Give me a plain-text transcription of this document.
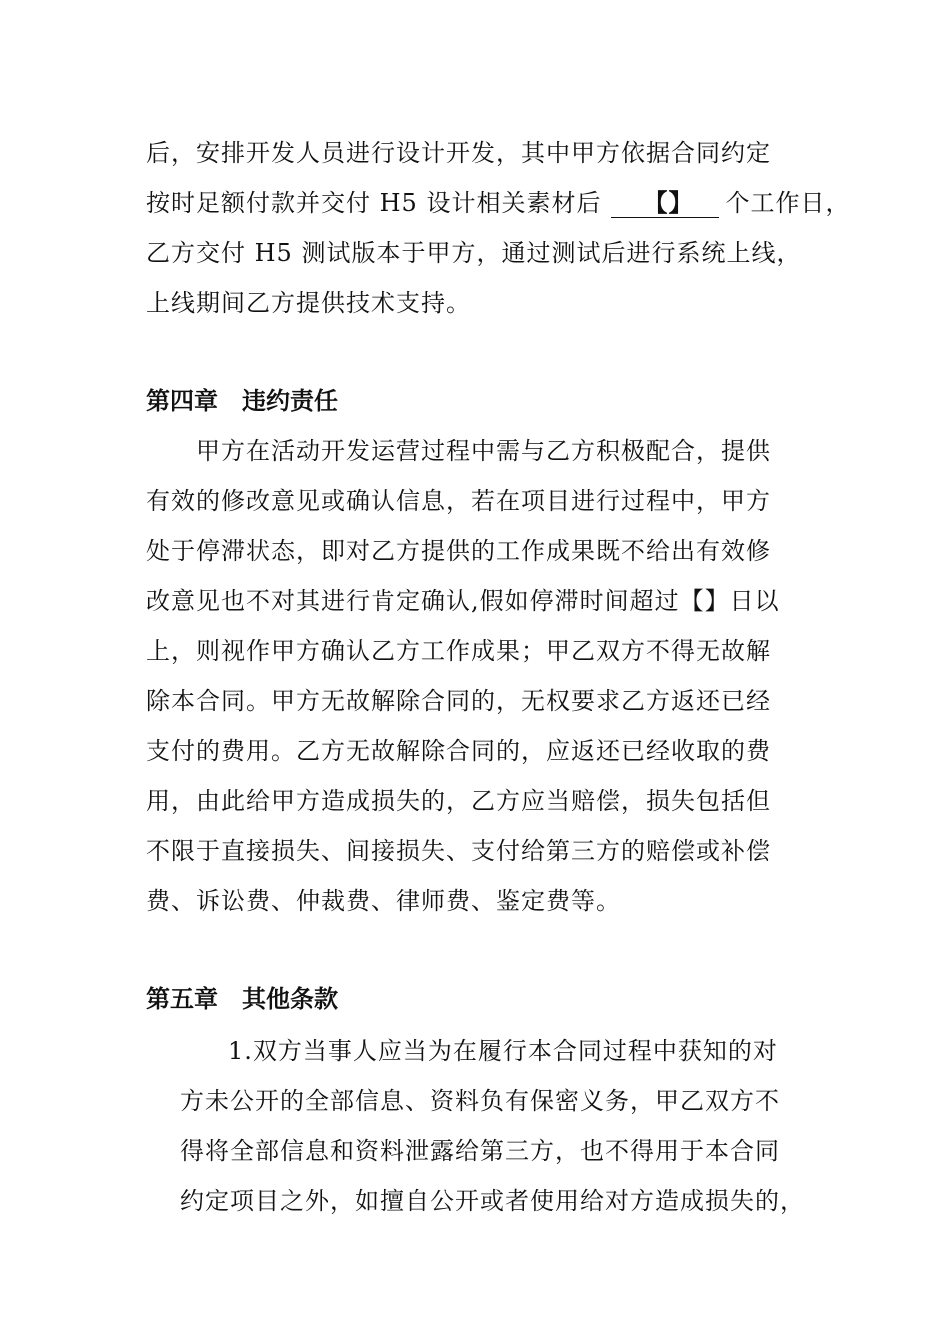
后，安排开发人员进行设计开发，其中甲方依据合同约定
按时足额付款并交付 H5 设计相关素材后 【】 个工作日，
乙方交付 H5 测试版本于甲方，通过测试后进行系统上线，
上线期间乙方提供技术支持。
第四章 违约责任
甲方在活动开发运营过程中需与乙方积极配合，提供
有效的修改意见或确认信息，若在项目进行过程中，甲方
处于停滞状态，即对乙方提供的工作成果既不给出有效修
改意见也不对其进行肯定确认,假如停滞时间超过【】日以
上，则视作甲方确认乙方工作成果；甲乙双方不得无故解
除本合同。甲方无故解除合同的，无权要求乙方返还已经
支付的费用。乙方无故解除合同的，应返还已经收取的费
用，由此给甲方造成损失的，乙方应当赔偿，损失包括但
不限于直接损失、间接损失、支付给第三方的赔偿或补偿
费、诉讼费、仲裁费、律师费、鉴定费等。
第五章 其他条款
1.双方当事人应当为在履行本合同过程中获知的对
方未公开的全部信息、资料负有保密义务，甲乙双方不
得将全部信息和资料泄露给第三方，也不得用于本合同
约定项目之外，如擅自公开或者使用给对方造成损失的，
